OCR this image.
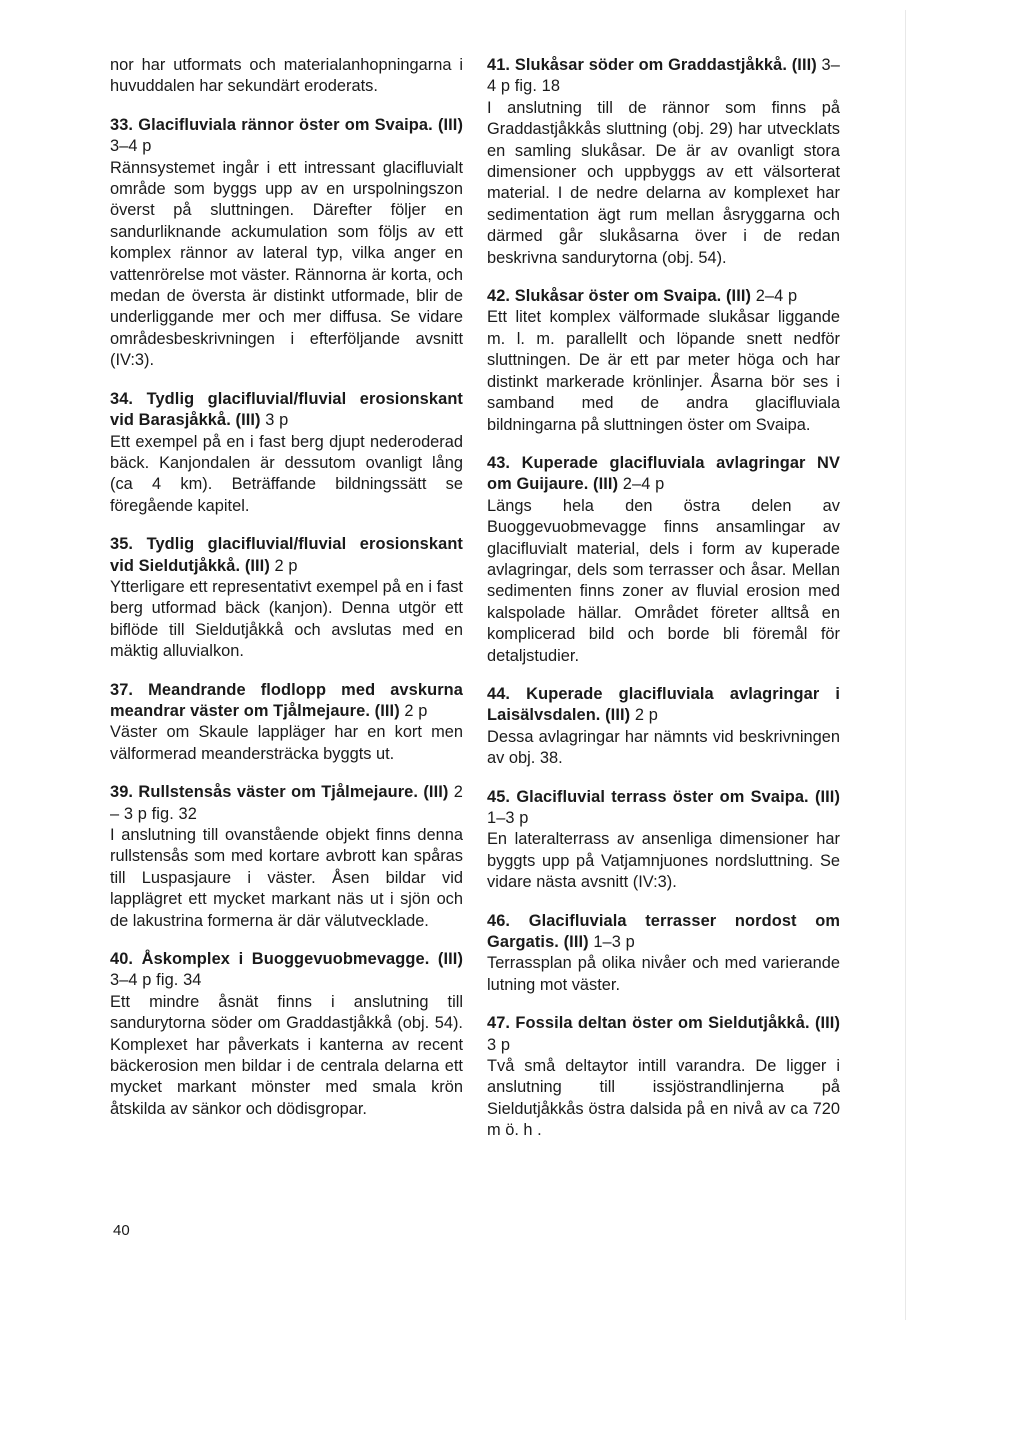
nor har utformats och materialanhopningarna i huvuddalen har sekundärt eroderats.

33. Glacifluviala rännor öster om Svaipa. (III) 3–4 p

Rännsystemet ingår i ett intressant glacifluvialt område som byggs upp av en urspolningszon överst på sluttningen. Därefter följer en sandurliknande ackumulation som följs av ett komplex rännor av lateral typ, vilka anger en vattenrörelse mot väster. Rännorna är korta, och medan de översta är distinkt utformade, blir de underliggande mer och mer diffusa. Se vidare områdesbeskrivningen i efterföljande avsnitt (IV:3).

34. Tydlig glacifluvial/fluvial erosionskant vid Barasjåkkå. (III) 3 p

Ett exempel på en i fast berg djupt nederoderad bäck. Kanjondalen är dessutom ovanligt lång (ca 4 km). Beträffande bildningssätt se föregående kapitel.

35. Tydlig glacifluvial/fluvial erosionskant vid Sieldutjåkkå. (III) 2 p

Ytterligare ett representativt exempel på en i fast berg utformad bäck (kanjon). Denna utgör ett biflöde till Sieldutjåkkå och avslutas med en mäktig alluvialkon.

37. Meandrande flodlopp med avskurna meandrar väster om Tjålmejaure. (III) 2 p

Väster om Skaule lappläger har en kort men välformerad meandersträcka byggts ut.

39. Rullstensås väster om Tjålmejaure. (III) 2 – 3 p fig. 32

I anslutning till ovanstående objekt finns denna rullstensås som med kortare avbrott kan spåras till Luspasjaure i väster. Åsen bildar vid lapplägret ett mycket markant näs ut i sjön och de lakustrina formerna är där välutvecklade.

40. Åskomplex i Buoggevuobmevagge. (III) 3–4 p fig. 34

Ett mindre åsnät finns i anslutning till sandurytorna söder om Graddastjåkkå (obj. 54). Komplexet har påverkats i kanterna av recent bäckerosion men bildar i de centrala delarna ett mycket markant mönster med smala krön åtskilda av sänkor och dödisgropar.

41. Slukåsar söder om Graddastjåkkå. (III) 3–4 p fig. 18

I anslutning till de rännor som finns på Graddastjåkkås sluttning (obj. 29) har utvecklats en samling slukåsar. De är av ovanligt stora dimensioner och uppbyggs av ett välsorterat material. I de nedre delarna av komplexet har sedimentation ägt rum mellan åsryggarna och därmed går slukåsarna över i de redan beskrivna sandurytorna (obj. 54).

42. Slukåsar öster om Svaipa. (III) 2–4 p

Ett litet komplex välformade slukåsar liggande m. l. m. parallellt och löpande snett nedför sluttningen. De är ett par meter höga och har distinkt markerade krönlinjer. Åsarna bör ses i samband med de andra glacifluviala bildningarna på sluttningen öster om Svaipa.

43. Kuperade glacifluviala avlagringar NV om Guijaure. (III) 2–4 p

Längs hela den östra delen av Buoggevuobmevagge finns ansamlingar av glacifluvialt material, dels i form av kuperade avlagringar, dels som terrasser och åsar. Mellan sedimenten finns zoner av fluvial erosion med kalspolade hällar. Området företer alltså en komplicerad bild och borde bli föremål för detaljstudier.

44. Kuperade glacifluviala avlagringar i Laisälvsdalen. (III) 2 p

Dessa avlagringar har nämnts vid beskrivningen av obj. 38.

45. Glacifluvial terrass öster om Svaipa. (III) 1–3 p

En lateralterrass av ansenliga dimensioner har byggts upp på Vatjamnjuones nordsluttning. Se vidare nästa avsnitt (IV:3).

46. Glacifluviala terrasser nordost om Gargatis. (III) 1–3 p

Terrassplan på olika nivåer och med varierande lutning mot väster.

47. Fossila deltan öster om Sieldutjåkkå. (III) 3 p

Två små deltaytor intill varandra. De ligger i anslutning till issjöstrandlinjerna på Sieldutjåkkås östra dalsida på en nivå av ca 720 m ö. h .

40
